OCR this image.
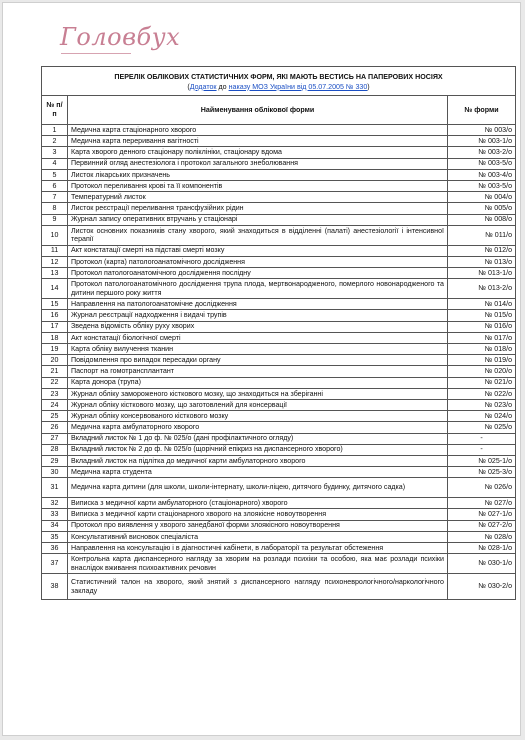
Головбух
ПЕРЕЛІК ОБЛІКОВИХ СТАТИСТИЧНИХ ФОРМ, ЯКІ МАЮТЬ ВЕСТИСЬ НА ПАПЕРОВИХ НОСІЯХ
(Додаток до наказу МОЗ України від 05.07.2005 № 330)		

№ п/п	Найменування облікової форми	№ форми
1	Медична карта стаціонарного хворого	№ 003/о
2	Медична карта переривання вагітності	№ 003-1/о
3	Карта хворого денного стаціонару поліклініки, стаціонару вдома	№ 003-2/о
4	Первинний огляд анестезіолога і протокол загального знеболювання	№ 003-5/о
5	Листок лікарських призначень	№ 003-4/о
6	Протокол переливання крові та її компонентів	№ 003-5/о
7	Температурний листок	№ 004/о
8	Листок реєстрації переливання трансфузійних рідин	№ 005/о
9	Журнал запису оперативних втручань у стаціонарі	№ 008/о
10	Листок основних показників стану хворого, який знаходиться в відділенні (палаті) анестезіології і інтенсивної терапії	№ 011/о
11	Акт констатації смерті на підставі смерті мозку	№ 012/о
12	Протокол (карта) патологоанатомічного дослідження	№ 013/о
13	Протокол патологоанатомічного дослідження послідну	№ 013-1/о
14	Протокол патологоанатомічного дослідження трупа плода, мертвонародженого, померлого новонародженого та дитини першого року життя	№ 013-2/о
15	Направлення на патологоанатомічне дослідження	№ 014/о
16	Журнал реєстрації надходження і видачі трупів	№ 015/о
17	Зведена відомість обліку руху хворих	№ 016/о
18	Акт констатації біологічної смерті	№ 017/о
19	Карта обліку вилучення тканин	№ 018/о
20	Повідомлення про випадок пересадки органу	№ 019/о
21	Паспорт на гомотрансплантант	№ 020/о
22	Карта донора (трупа)	№ 021/о
23	Журнал обліку замороженого кісткового мозку, що знаходиться на зберіганні	№ 022/о
24	Журнал обліку кісткового мозку, що заготовлений для консервації	№ 023/о
25	Журнал обліку консервованого кісткового мозку	№ 024/о
26	Медична карта амбулаторного хворого	№ 025/о
27	Вкладний листок № 1 до ф. № 025/о (дані профілактичного огляду)	-
28	Вкладний листок № 2 до ф. № 025/о (щорічний епікриз на диспансерного хворого)	-
29	Вкладний листок на підлітка до медичної карти амбулаторного хворого	№ 025-1/о
30	Медична карта студента	№ 025-3/о
31	Медична карта дитини (для школи, школи-інтернату, школи-ліцею, дитячого будинку, дитячого садка)	№ 026/о
32	Виписка з медичної карти амбулаторного (стаціонарного) хворого	№ 027/о
33	Виписка з медичної карти стаціонарного хворого на злоякісне новоутворення	№ 027-1/о
34	Протокол про виявлення у хворого занедбаної форми злоякісного новоутворення	№ 027-2/о
35	Консультативний висновок спеціаліста	№ 028/о
36	Направлення на консультацію і в діагностичні кабінети, в лабораторії та результат обстеження	№ 028-1/о
37	Контрольна карта диспансерного нагляду за хворим на розлади психіки та особою, яка має розлади психіки внаслідок вживання психоактивних речовин	№ 030-1/о
38	Статистичний талон на хворого, який знятий з диспансерного нагляду психоневрологічного/наркологічного закладу	№ 030-2/о
